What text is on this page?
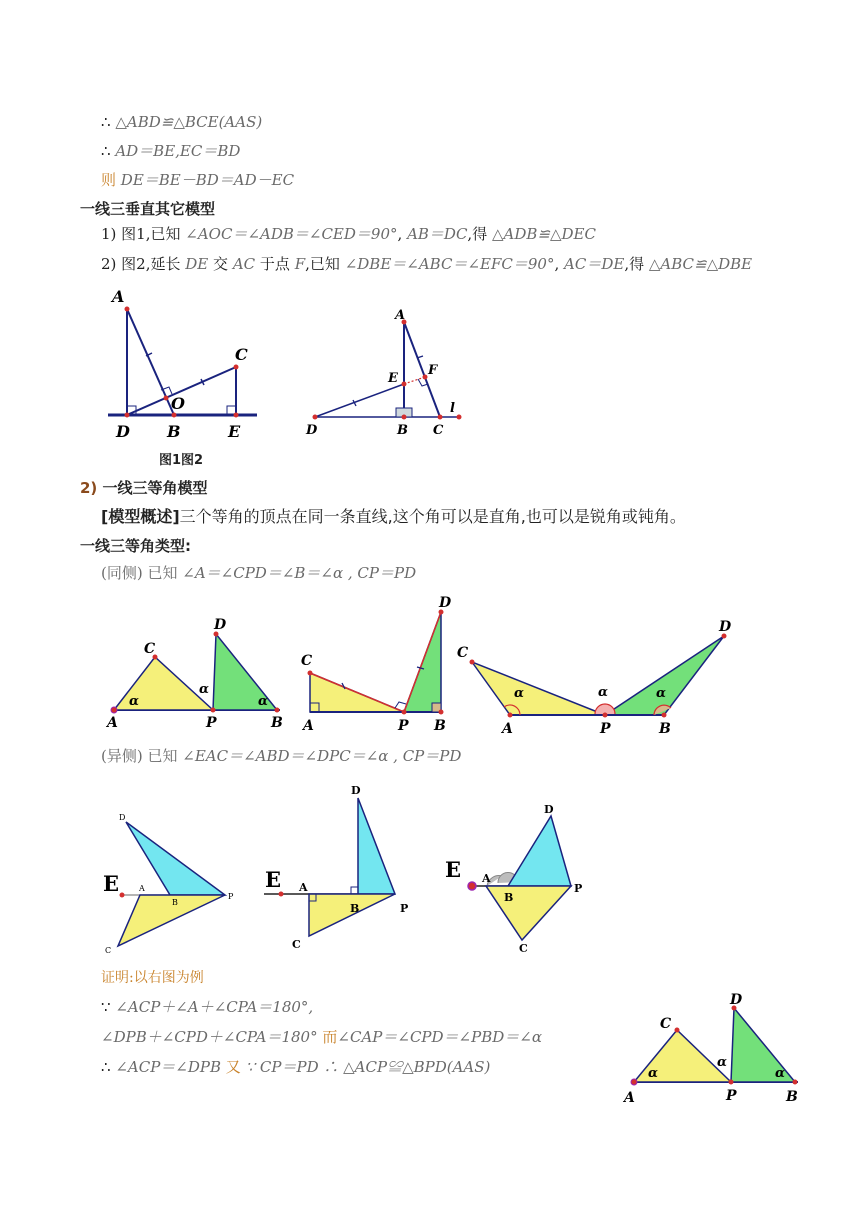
∴ △ABD≌△BCE(AAS)
∴ AD＝BE,EC＝BD
则 DE＝BE－BD＝AD－EC
一线三垂直其它模型
1) 图1,已知 ∠AOC＝∠ADB＝∠CED＝90°, AB＝DC,得 △ADB≌△DEC
2) 图2,延长 DE 交 AC 于点 F,已知 ∠DBE＝∠ABC＝∠EFC＝90°, AC＝DE,得 △ABC≌△DBE
A
C
O
D B	E
A
E
F
l
D	B C
图1图2
2) 一线三等角模型
[模型概述]三个等角的顶点在同一条直线,这个角可以是直角,也可以是锐角或钝角。
一线三等角类型:
(同侧) 已知 ∠A＝∠CPD＝∠B＝∠α , CP＝PD
A
C
P
D
B
α
α
α
C
D
A	P B
C
D
A	P	B
α	α	α
(异侧) 已知 ∠EAC＝∠ABD＝∠DPC＝∠α , CP＝PD
E
D
A
B
P
C
E
D
A
B	P
C
E
D
A
B
P
C
证明:以右图为例
∵ ∠ACP＋∠A＋∠CPA＝180°,
∠DPB＋∠CPD＋∠CPA＝180° 而∠CAP＝∠CPD＝∠PBD＝∠α
∴ ∠ACP＝∠DPB 又 ∵ CP＝PD ∴ △ACP≌△BPD(AAS)
A
C
P
D
B
α
α
α
